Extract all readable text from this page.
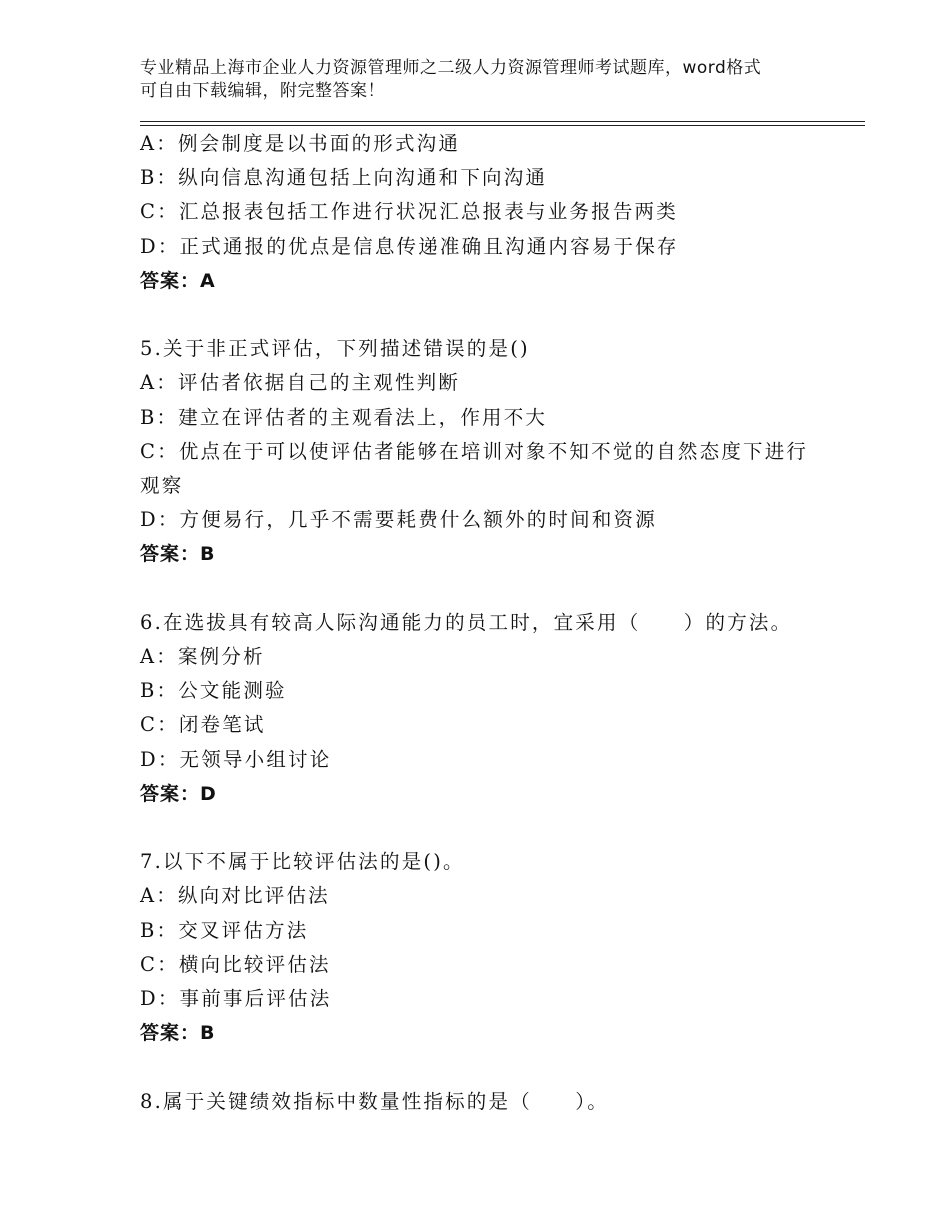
专业精品上海市企业人力资源管理师之二级人力资源管理师考试题库，word格式
可自由下载编辑，附完整答案！
A：例会制度是以书面的形式沟通
B：纵向信息沟通包括上向沟通和下向沟通
C：汇总报表包括工作进行状况汇总报表与业务报告两类
D：正式通报的优点是信息传递准确且沟通内容易于保存
答案：A
5.关于非正式评估，下列描述错误的是()
A：评估者依据自己的主观性判断
B：建立在评估者的主观看法上，作用不大
C：优点在于可以使评估者能够在培训对象不知不觉的自然态度下进行
观察
D：方便易行，几乎不需要耗费什么额外的时间和资源
答案：B
6.在选拔具有较高人际沟通能力的员工时，宜采用（　　）的方法。
A：案例分析
B：公文能测验
C：闭卷笔试
D：无领导小组讨论
答案：D
7.以下不属于比较评估法的是()。
A：纵向对比评估法
B：交叉评估方法
C：横向比较评估法
D：事前事后评估法
答案：B
8.属于关键绩效指标中数量性指标的是（　　）。
